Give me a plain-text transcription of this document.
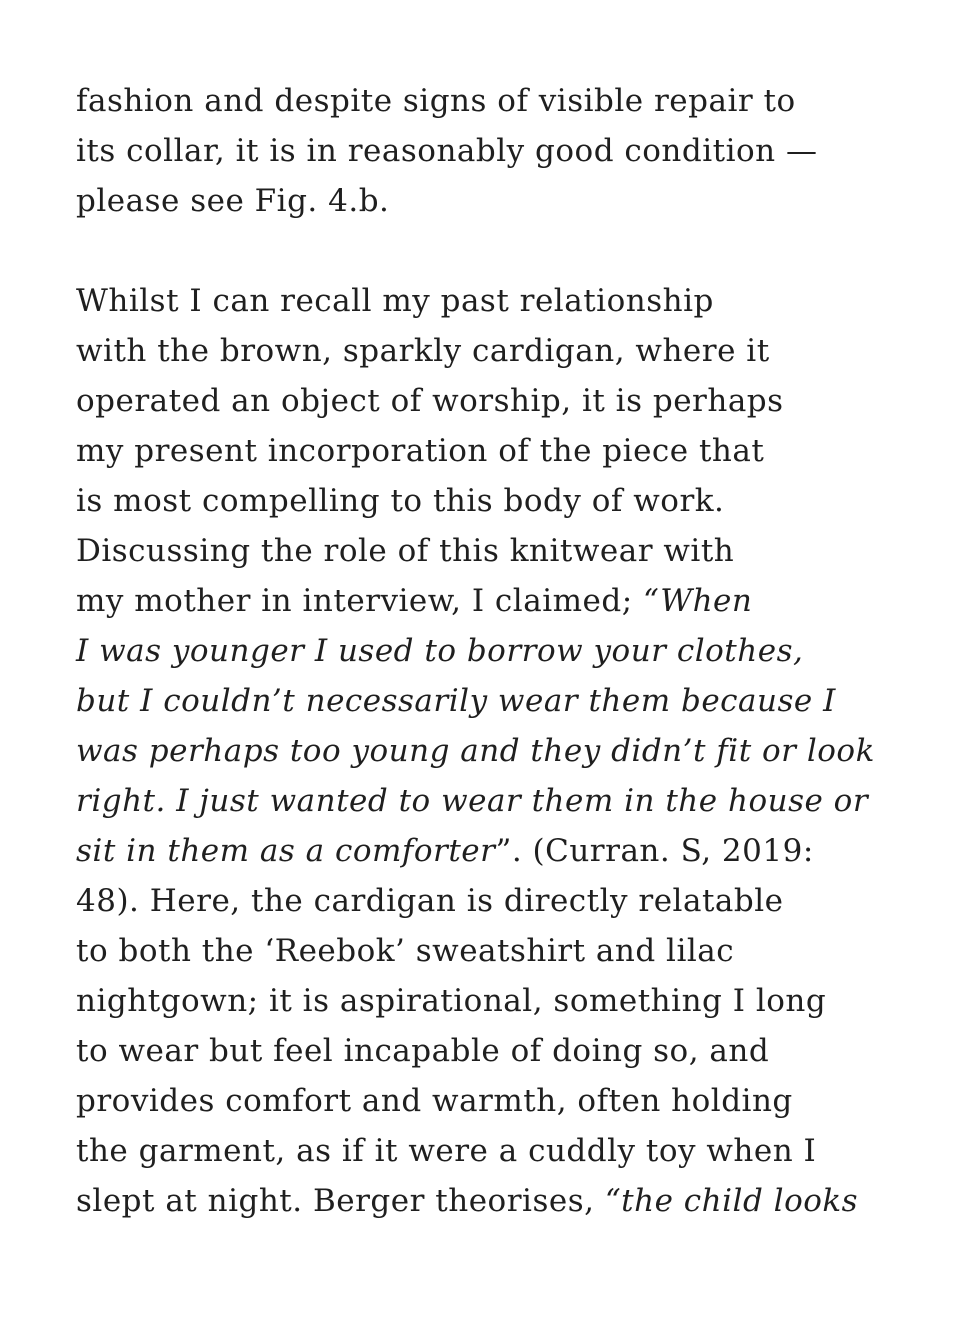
fashion and despite signs of visible repair to
its collar, it is in reasonably good condition —
please see Fig. 4.b.

Whilst I can recall my past relationship
with the brown, sparkly cardigan, where it
operated an object of worship, it is perhaps
my present incorporation of the piece that
is most compelling to this body of work.
Discussing the role of this knitwear with
my mother in interview, I claimed; “When
I was younger I used to borrow your clothes,
but I couldn’t necessarily wear them because I
was perhaps too young and they didn’t fit or look
right. I just wanted to wear them in the house or
sit in them as a comforter”. (Curran. S, 2019:
48). Here, the cardigan is directly relatable
to both the ‘Reebok’ sweatshirt and lilac
nightgown; it is aspirational, something I long
to wear but feel incapable of doing so, and
provides comfort and warmth, often holding
the garment, as if it were a cuddly toy when I
slept at night. Berger theorises, “the child looks
